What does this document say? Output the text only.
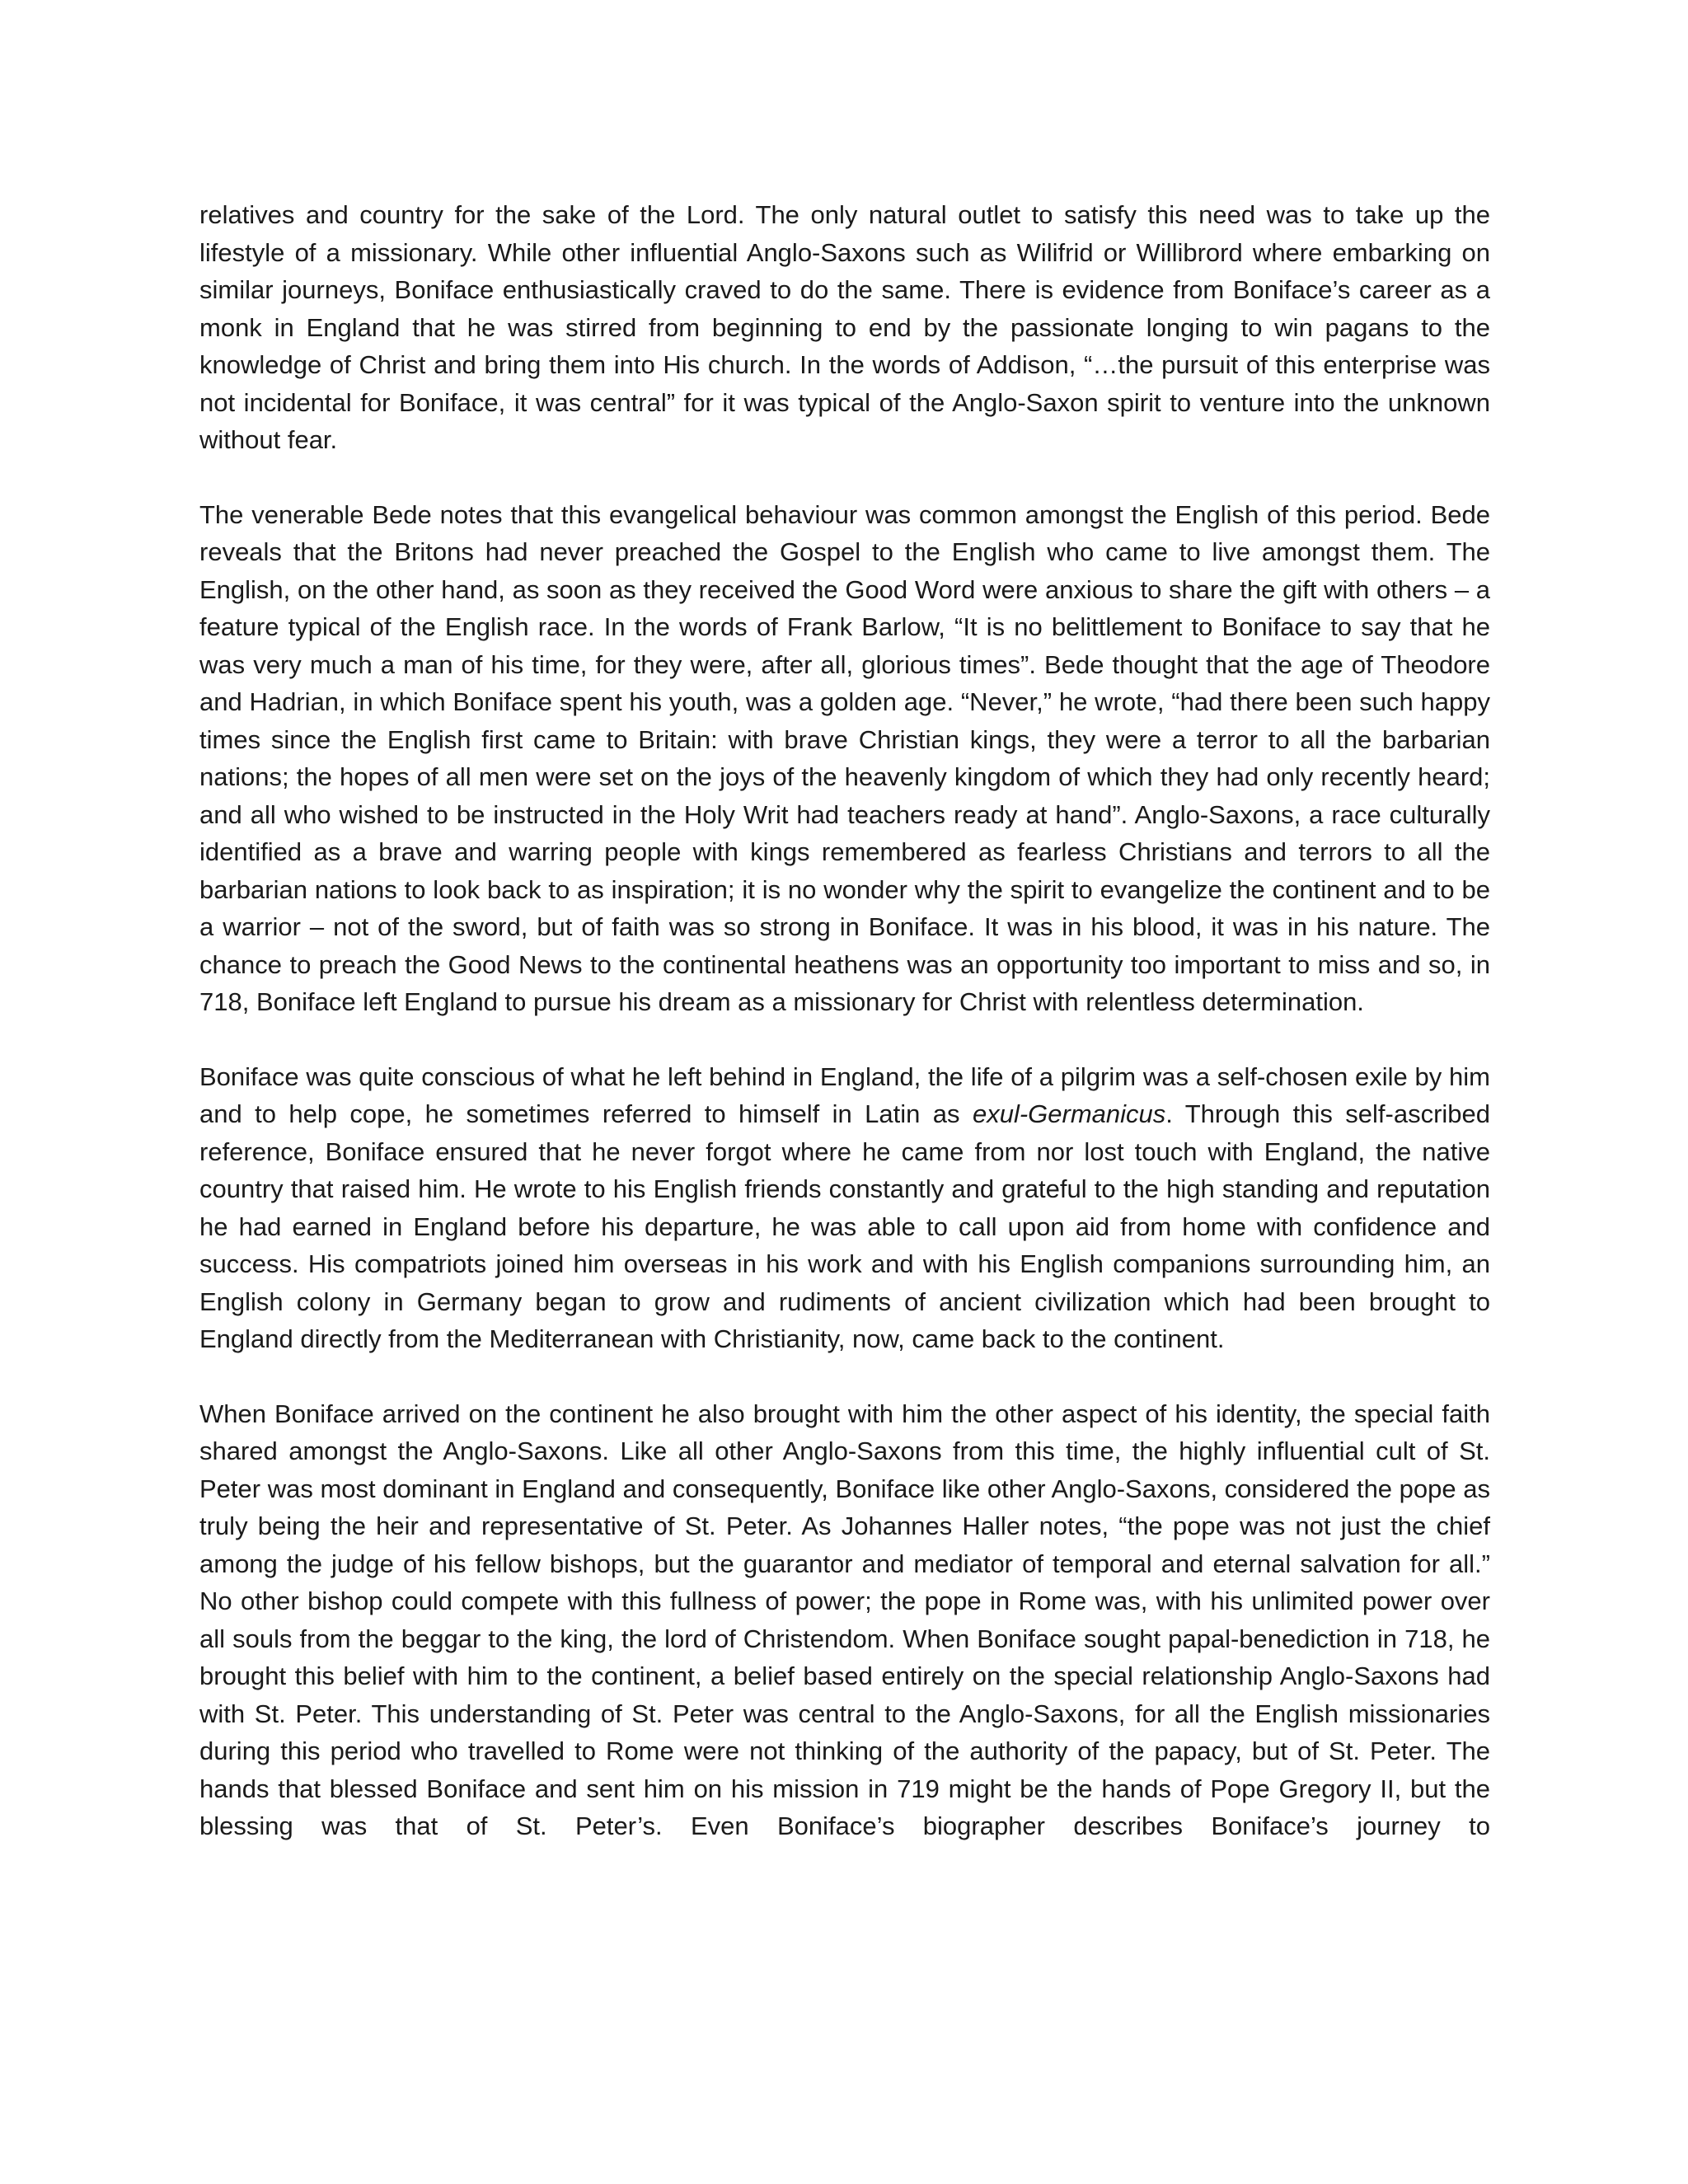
relatives and country for the sake of the Lord. The only natural outlet to satisfy this need was to take up the lifestyle of a missionary. While other influential Anglo-Saxons such as Wilifrid or Willibrord where embarking on similar journeys, Boniface enthusiastically craved to do the same. There is evidence from Boniface’s career as a monk in England that he was stirred from beginning to end by the passionate longing to win pagans to the knowledge of Christ and bring them into His church. In the words of Addison, “…the pursuit of this enterprise was not incidental for Boniface, it was central” for it was typical of the Anglo-Saxon spirit to venture into the unknown without fear.

The venerable Bede notes that this evangelical behaviour was common amongst the English of this period. Bede reveals that the Britons had never preached the Gospel to the English who came to live amongst them. The English, on the other hand, as soon as they received the Good Word were anxious to share the gift with others – a feature typical of the English race. In the words of Frank Barlow, “It is no belittlement to Boniface to say that he was very much a man of his time, for they were, after all, glorious times”. Bede thought that the age of Theodore and Hadrian, in which Boniface spent his youth, was a golden age. “Never,” he wrote, “had there been such happy times since the English first came to Britain: with brave Christian kings, they were a terror to all the barbarian nations; the hopes of all men were set on the joys of the heavenly kingdom of which they had only recently heard; and all who wished to be instructed in the Holy Writ had teachers ready at hand”. Anglo-Saxons, a race culturally identified as a brave and warring people with kings remembered as fearless Christians and terrors to all the barbarian nations to look back to as inspiration; it is no wonder why the spirit to evangelize the continent and to be a warrior – not of the sword, but of faith was so strong in Boniface. It was in his blood, it was in his nature. The chance to preach the Good News to the continental heathens was an opportunity too important to miss and so, in 718, Boniface left England to pursue his dream as a missionary for Christ with relentless determination.

Boniface was quite conscious of what he left behind in England, the life of a pilgrim was a self-chosen exile by him and to help cope, he sometimes referred to himself in Latin as exul-Germanicus. Through this self-ascribed reference, Boniface ensured that he never forgot where he came from nor lost touch with England, the native country that raised him. He wrote to his English friends constantly and grateful to the high standing and reputation he had earned in England before his departure, he was able to call upon aid from home with confidence and success. His compatriots joined him overseas in his work and with his English companions surrounding him, an English colony in Germany began to grow and rudiments of ancient civilization which had been brought to England directly from the Mediterranean with Christianity, now, came back to the continent.

When Boniface arrived on the continent he also brought with him the other aspect of his identity, the special faith shared amongst the Anglo-Saxons. Like all other Anglo-Saxons from this time, the highly influential cult of St. Peter was most dominant in England and consequently, Boniface like other Anglo-Saxons, considered the pope as truly being the heir and representative of St. Peter. As Johannes Haller notes, “the pope was not just the chief among the judge of his fellow bishops, but the guarantor and mediator of temporal and eternal salvation for all.” No other bishop could compete with this fullness of power; the pope in Rome was, with his unlimited power over all souls from the beggar to the king, the lord of Christendom. When Boniface sought papal-benediction in 718, he brought this belief with him to the continent, a belief based entirely on the special relationship Anglo-Saxons had with St. Peter. This understanding of St. Peter was central to the Anglo-Saxons, for all the English missionaries during this period who travelled to Rome were not thinking of the authority of the papacy, but of St. Peter. The hands that blessed Boniface and sent him on his mission in 719 might be the hands of Pope Gregory II, but the blessing was that of St. Peter’s. Even Boniface’s biographer describes Boniface’s journey to
